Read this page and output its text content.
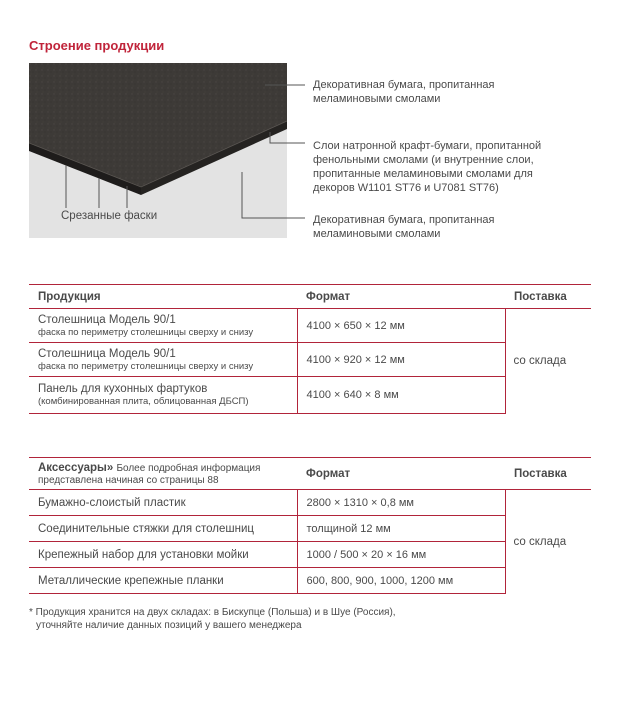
Строение продукции
Срезанные фаски
Декоративная бумага, пропитанная
меламиновыми смолами
Слои натронной крафт-бумаги, пропитанной
фенольными смолами (и внутренние слои,
пропитанные меламиновыми смолами для
декоров W1101 ST76 и U7081 ST76)
Декоративная бумага, пропитанная
меламиновыми смолами
Продукция	Формат	Поставка

Столешница Модель 90/1
фаска по периметру столешницы сверху и снизу	4100 × 650 × 12 мм	со склада

Столешница Модель 90/1
фаска по периметру столешницы сверху и снизу	4100 × 920 × 12 мм	

Панель для кухонных фартуков
(комбинированная плита, облицованная ДБСП)	4100 × 640 × 8 мм	
Аксессуары» Более подробная информация
представлена начиная со страницы 88	Формат	Поставка

Бумажно-слоистый пластик	2800 × 1310 × 0,8 мм	со склада

Соединительные стяжки для столешниц	толщиной 12 мм	

Крепежный набор для установки мойки	1000 / 500 × 20 × 16 мм	

Металлические крепежные планки	600, 800, 900, 1000, 1200 мм	
* Продукция хранится на двух складах: в Бискупце (Польша) и в Шуе (Россия),
уточняйте наличие данных позиций у вашего менеджера
